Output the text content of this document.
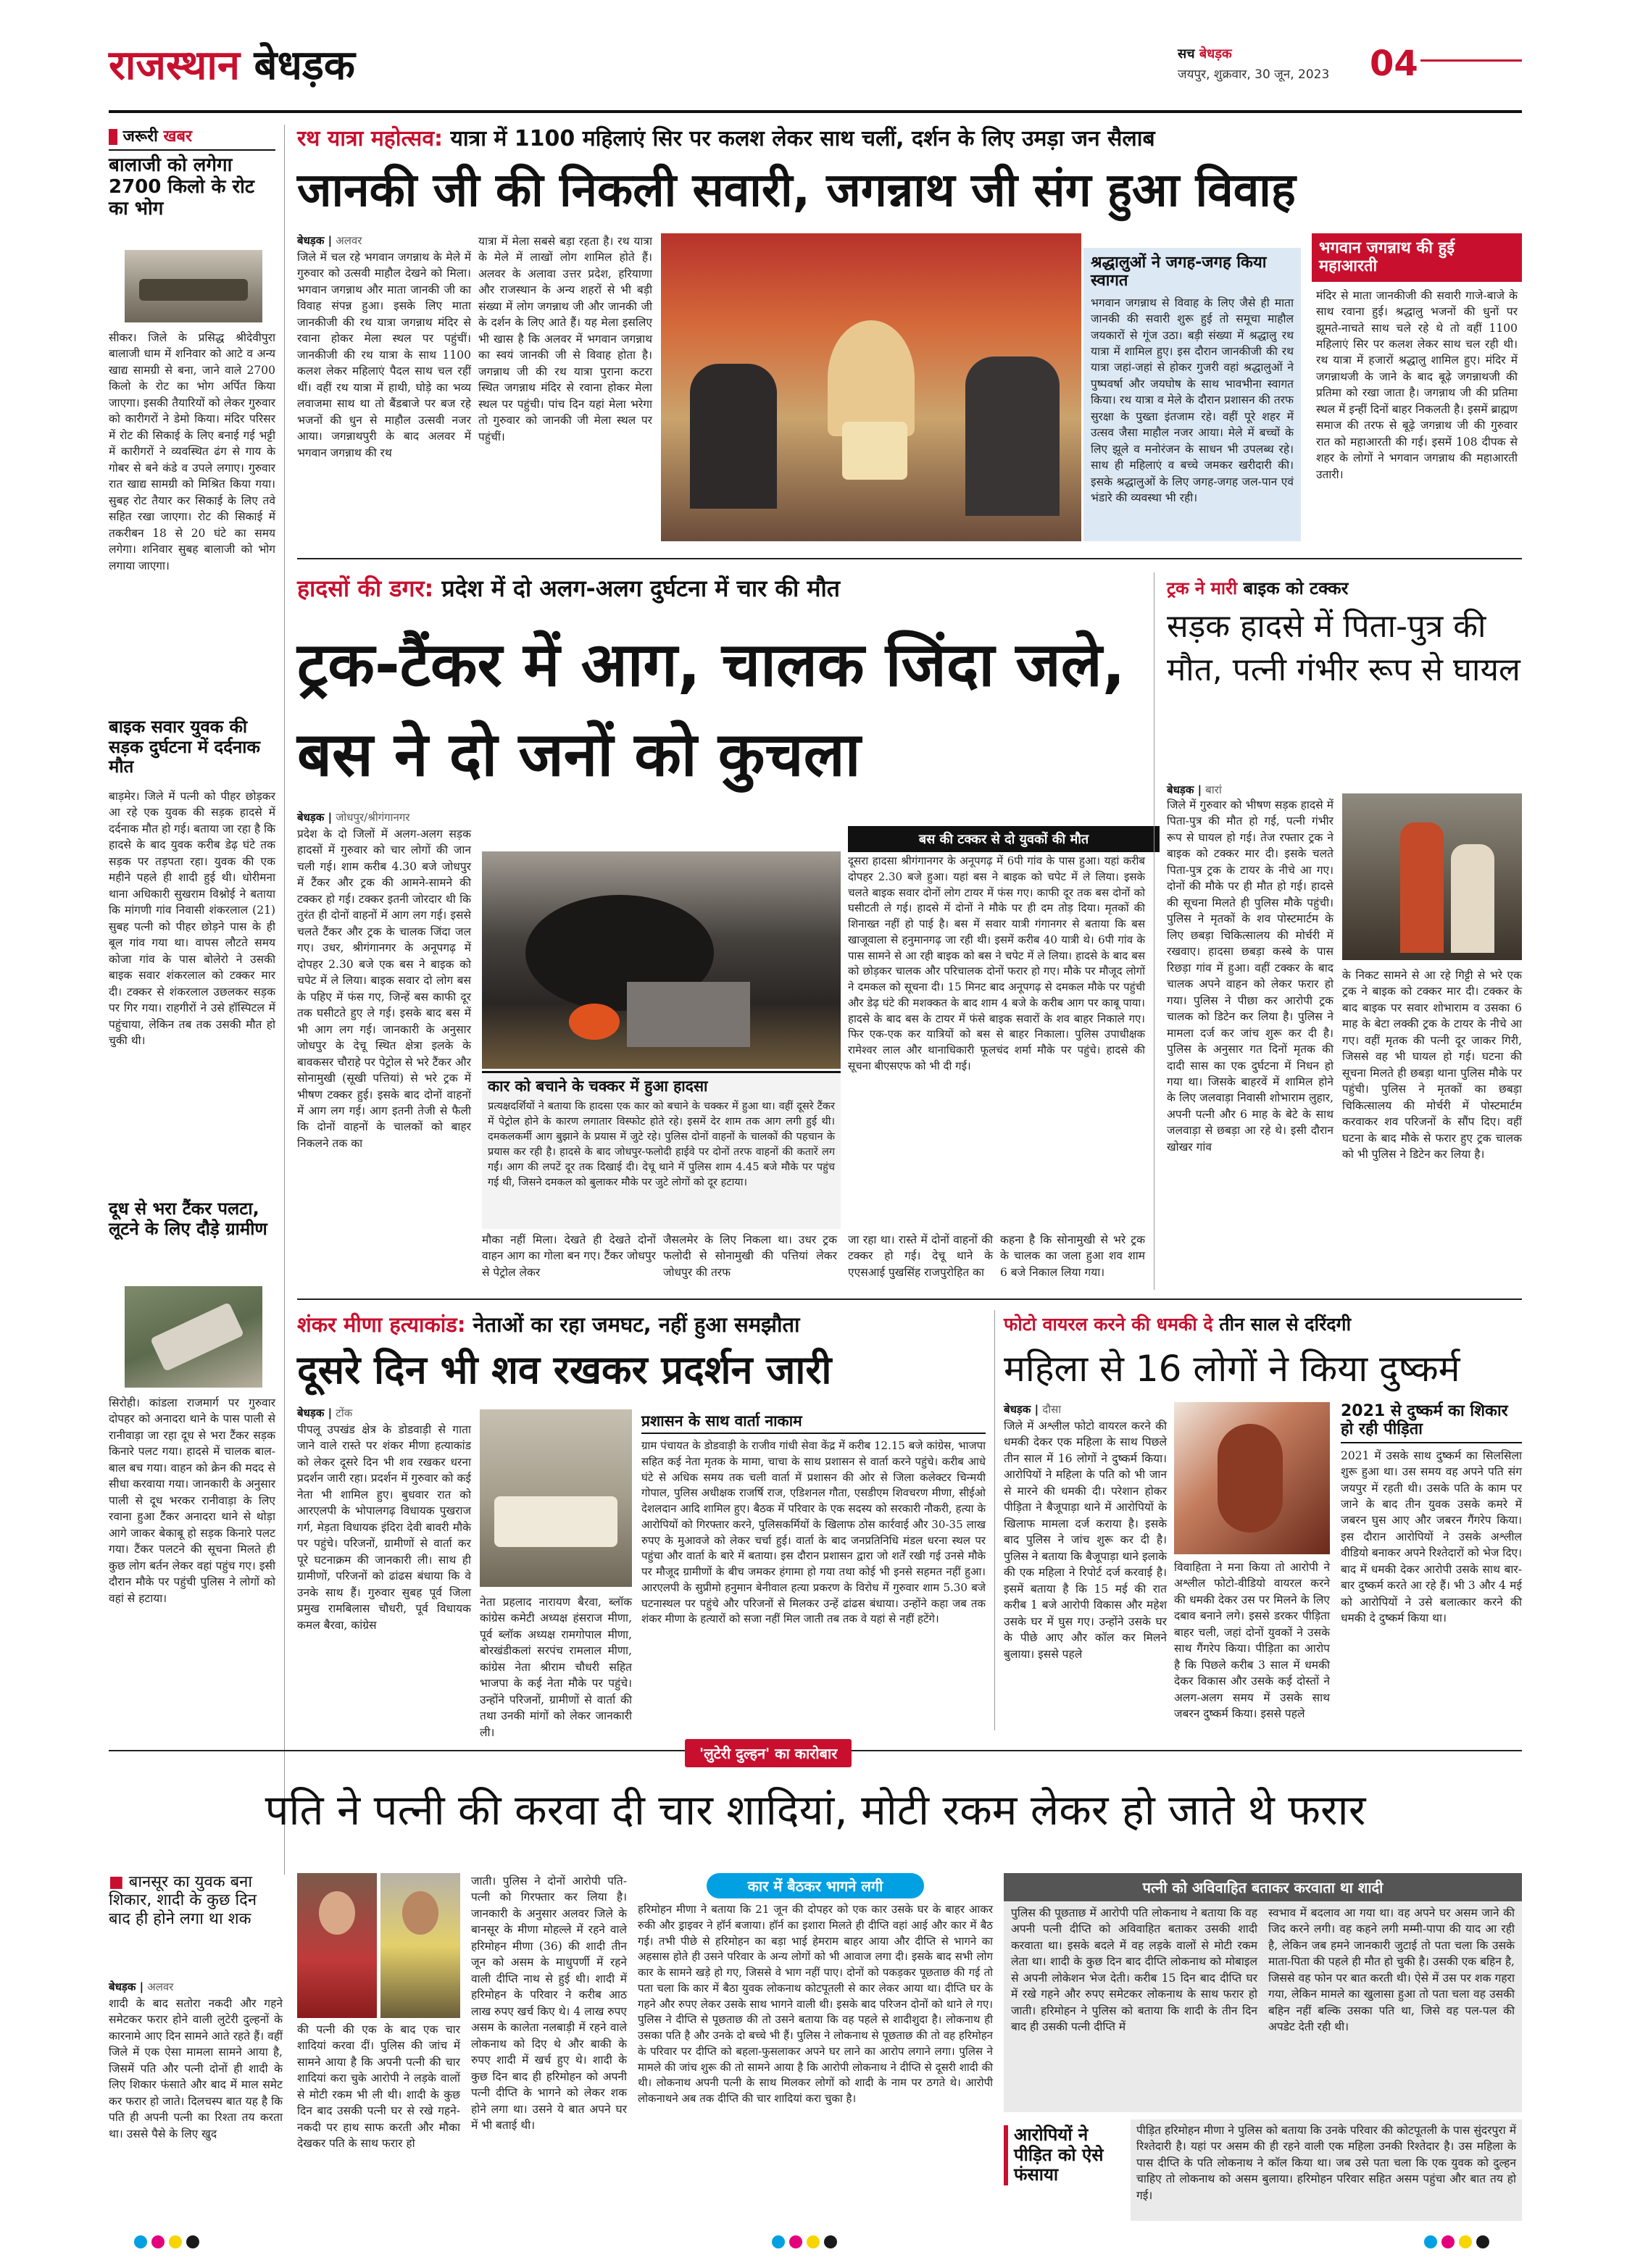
राजस्थान बेधड़क	सच बेधड़क
जयपुर, शुक्रवार, 30 जून, 2023 04
जरूरी खबर
बालाजी को लगेगा 2700 किलो के रोट का भोग
सीकर। जिले के प्रसिद्ध श्रीदेवीपुरा बालाजी धाम में शनिवार को आटे व अन्य खाद्य सामग्री से बना, जाने वाले 2700 किलो के रोट का भोग अर्पित किया जाएगा। इसकी तैयारियों को लेकर गुरुवार को कारीगरों ने डेमो किया। मंदिर परिसर में रोट की सिकाई के लिए बनाई गई भट्टी में कारीगरों ने व्यवस्थित ढंग से गाय के गोबर से बने कंडे व उपले लगाए। गुरुवार रात खाद्य सामग्री को मिश्रित किया गया। सुबह रोट तैयार कर सिकाई के लिए तवे सहित रखा जाएगा। रोट की सिकाई में तकरीबन 18 से 20 घंटे का समय लगेगा। शनिवार सुबह बालाजी को भोग लगाया जाएगा।
बाइक सवार युवक की सड़क दुर्घटना में दर्दनाक मौत
बाड़मेर। जिले में पत्नी को पीहर छोड़कर आ रहे एक युवक की सड़क हादसे में दर्दनाक मौत हो गई। बताया जा रहा है कि हादसे के बाद युवक करीब डेढ़ घंटे तक सड़क पर तड़पता रहा। युवक की एक महीने पहले ही शादी हुई थी। धोरीमना थाना अधिकारी सुखराम विश्नोई ने बताया कि मांगणी गांव निवासी शंकरलाल (21) सुबह पत्नी को पीहर छोड़ने पास के ही बूल गांव गया था। वापस लौटते समय कोजा गांव के पास बोलेरो ने उसकी बाइक सवार शंकरलाल को टक्कर मार दी। टक्कर से शंकरलाल उछलकर सड़क पर गिर गया। राहगीरों ने उसे हॉस्पिटल में पहुंचाया, लेकिन तब तक उसकी मौत हो चुकी थी।
दूध से भरा टैंकर पलटा, लूटने के लिए दौड़े ग्रामीण
सिरोही। कांडला राजमार्ग पर गुरुवार दोपहर को अनादरा थाने के पास पाली से रानीवाड़ा जा रहा दूध से भरा टैंकर सड़क किनारे पलट गया। हादसे में चालक बाल-बाल बच गया। वाहन को क्रेन की मदद से सीधा करवाया गया। जानकारी के अनुसार पाली से दूध भरकर रानीवाड़ा के लिए रवाना हुआ टैंकर अनादरा थाने से थोड़ा आगे जाकर बेकाबू हो सड़क किनारे पलट गया। टैंकर पलटने की सूचना मिलते ही कुछ लोग बर्तन लेकर वहां पहुंच गए। इसी दौरान मौके पर पहुंची पुलिस ने लोगों को वहां से हटाया।
रथ यात्रा महोत्सव: यात्रा में 1100 महिलाएं सिर पर कलश लेकर साथ चलीं, दर्शन के लिए उमड़ा जन सैलाब
जानकी जी की निकली सवारी, जगन्नाथ जी संग हुआ विवाह
बेधड़क | अलवर
जिले में चल रहे भगवान जगन्नाथ के मेले में गुरुवार को उत्सवी माहौल देखने को मिला। भगवान जगन्नाथ और माता जानकी जी का विवाह संपन्न हुआ। इसके लिए माता जानकीजी की रथ यात्रा जगन्नाथ मंदिर से रवाना होकर मेला स्थल पर पहुंचीं। जानकीजी की रथ यात्रा के साथ 1100 कलश लेकर महिलाएं पैदल साथ चल रहीं थीं। वहीं रथ यात्रा में हाथी, घोड़े का भव्य लवाजमा साथ था तो बैंडबाजे पर बज रहे भजनों की धुन से माहौल उत्सवी नजर आया। जगन्नाथपुरी के बाद अलवर में भगवान जगन्नाथ की रथ
यात्रा में मेला सबसे बड़ा रहता है। रथ यात्रा के मेले में लाखों लोग शामिल होते हैं। अलवर के अलावा उत्तर प्रदेश, हरियाणा और राजस्थान के अन्य शहरों से भी बड़ी संख्या में लोग जगन्नाथ जी और जानकी जी के दर्शन के लिए आते हैं। यह मेला इसलिए भी खास है कि अलवर में भगवान जगन्नाथ का स्वयं जानकी जी से विवाह होता है। जगन्नाथ जी की रथ यात्रा पुराना कटरा स्थित जगन्नाथ मंदिर से रवाना होकर मेला स्थल पर पहुंची। पांच दिन यहां मेला भरेगा तो गुरुवार को जानकी जी मेला स्थल पर पहुंचीं।
श्रद्धालुओं ने जगह-जगह किया स्वागत
भगवान जगन्नाथ से विवाह के लिए जैसे ही माता जानकी की सवारी शुरू हुई तो समूचा माहौल जयकारों से गूंज उठा। बड़ी संख्या में श्रद्धालु रथ यात्रा में शामिल हुए। इस दौरान जानकीजी की रथ यात्रा जहां-जहां से होकर गुजरी वहां श्रद्धालुओं ने पुष्पवर्षा और जयघोष के साथ भावभीना स्वागत किया। रथ यात्रा व मेले के दौरान प्रशासन की तरफ सुरक्षा के पुख्ता इंतजाम रहे। वहीं पूरे शहर में उत्सव जैसा माहौल नजर आया। मेले में बच्चों के लिए झूले व मनोरंजन के साधन भी उपलब्ध रहे। साथ ही महिलाएं व बच्चे जमकर खरीदारी की। इसके श्रद्धालुओं के लिए जगह-जगह जल-पान एवं भंडारे की व्यवस्था भी रही।
भगवान जगन्नाथ की हुई महाआरती
मंदिर से माता जानकीजी की सवारी गाजे-बाजे के साथ रवाना हुई। श्रद्धालु भजनों की धुनों पर झूमते-नाचते साथ चले रहे थे तो वहीं 1100 महिलाएं सिर पर कलश लेकर साथ चल रही थी। रथ यात्रा में हजारों श्रद्धालु शामिल हुए। मंदिर में जगन्नाथजी के जाने के बाद बूढ़े जगन्नाथजी की प्रतिमा को रखा जाता है। जगन्नाथ जी की प्रतिमा स्थल में इन्हीं दिनों बाहर निकलती है। इसमें ब्राह्मण समाज की तरफ से बूढ़े जगन्नाथ जी की गुरुवार रात को महाआरती की गई। इसमें 108 दीपक से शहर के लोगों ने भगवान जगन्नाथ की महाआरती उतारी।
हादसों की डगर: प्रदेश में दो अलग-अलग दुर्घटना में चार की मौत
ट्रक-टैंकर में आग, चालक जिंदा जले, बस ने दो जनों को कुचला
बस की टक्कर से दो युवकों की मौत
बेधड़क | जोधपुर/श्रीगंगानगर
प्रदेश के दो जिलों में अलग-अलग सड़क हादसों में गुरुवार को चार लोगों की जान चली गई। शाम करीब 4.30 बजे जोधपुर में टैंकर और ट्रक की आमने-सामने की टक्कर हो गई। टक्कर इतनी जोरदार थी कि तुरंत ही दोनों वाहनों में आग लग गई। इससे चलते टैंकर और ट्रक के चालक जिंदा जल गए। उधर, श्रीगंगानगर के अनूपगढ़ में दोपहर 2.30 बजे एक बस ने बाइक को चपेट में ले लिया। बाइक सवार दो लोग बस के पहिए में फंस गए, जिन्हें बस काफी दूर तक घसीटते हुए ले गई। इसके बाद बस में भी आग लग गई। जानकारी के अनुसार जोधपुर के देचू स्थित क्षेत्रा इलके के बावकसर चौराहे पर पेट्रोल से भरे टैंकर और सोनामुखी (सूखी पत्तियां) से भरे ट्रक में भीषण टक्कर हुई। इसके बाद दोनों वाहनों में आग लग गई। आग इतनी तेजी से फैली कि दोनों वाहनों के चालकों को बाहर निकलने तक का
कार को बचाने के चक्कर में हुआ हादसा
प्रत्यक्षदर्शियों ने बताया कि हादसा एक कार को बचाने के चक्कर में हुआ था। वहीं दूसरे टैंकर में पेट्रोल होने के कारण लगातार विस्फोट होते रहे। इसमें देर शाम तक आग लगी हुई थी। दमकलकर्मी आग बुझाने के प्रयास में जुटे रहे। पुलिस दोनों वाहनों के चालकों की पहचान के प्रयास कर रही है। हादसे के बाद जोधपुर-फलोदी हाईवे पर दोनों तरफ वाहनों की कतारें लग गईं। आग की लपटें दूर तक दिखाई दी। देचू थाने में पुलिस शाम 4.45 बजे मौके पर पहुंच गई थी, जिसने दमकल को बुलाकर मौके पर जुटे लोगों को दूर हटाया।
दूसरा हादसा श्रीगंगानगर के अनूपगढ़ में 6पी गांव के पास हुआ। यहां करीब दोपहर 2.30 बजे हुआ। यहां बस ने बाइक को चपेट में ले लिया। इसके चलते बाइक सवार दोनों लोग टायर में फंस गए। काफी दूर तक बस दोनों को घसीटती ले गई। हादसे में दोनों ने मौके पर ही दम तोड़ दिया। मृतकों की शिनाख्त नहीं हो पाई है। बस में सवार यात्री गंगानगर से बताया कि बस खाजूवाला से हनुमानगढ़ जा रही थी। इसमें करीब 40 यात्री थे। 6पी गांव के पास सामने से आ रही बाइक को बस ने चपेट में ले लिया। हादसे के बाद बस को छोड़कर चालक और परिचालक दोनों फरार हो गए। मौके पर मौजूद लोगों ने दमकल को सूचना दी। 15 मिनट बाद अनूपगढ़ से दमकल मौके पर पहुंची और डेढ़ घंटे की मशक्कत के बाद शाम 4 बजे के करीब आग पर काबू पाया। हादसे के बाद बस के टायर में फंसे बाइक सवारों के शव बाहर निकाले गए। फिर एक-एक कर यात्रियों को बस से बाहर निकाला। पुलिस उपाधीक्षक रामेश्वर लाल और थानाधिकारी फूलचंद शर्मा मौके पर पहुंचे। हादसे की सूचना बीएसएफ को भी दी गई।
मौका नहीं मिला। देखते ही देखते दोनों वाहन आग का गोला बन गए। टैंकर जोधपुर से पेट्रोल लेकर
जैसलमेर के लिए निकला था। उधर ट्रक फलोदी से सोनामुखी की पत्तियां लेकर जोधपुर की तरफ
जा रहा था। रास्ते में दोनों वाहनों की टक्कर हो गई। देचू थाने के एएसआई पुखसिंह राजपुरोहित का
कहना है कि सोनामुखी से भरे ट्रक के चालक का जला हुआ शव शाम 6 बजे निकाल लिया गया।
ट्रक ने मारी बाइक को टक्कर
सड़क हादसे में पिता-पुत्र की मौत, पत्नी गंभीर रूप से घायल
बेधड़क | बारां
जिले में गुरुवार को भीषण सड़क हादसे में पिता-पुत्र की मौत हो गई, पत्नी गंभीर रूप से घायल हो गई। तेज रफ्तार ट्रक ने बाइक को टक्कर मार दी। इसके चलते पिता-पुत्र ट्रक के टायर के नीचे आ गए। दोनों की मौके पर ही मौत हो गई। हादसे की सूचना मिलते ही पुलिस मौके पहुंची। पुलिस ने मृतकों के शव पोस्टमार्टम के लिए छबड़ा चिकित्सालय की मोर्चरी में रखवाए। हादसा छबड़ा कस्बे के पास रिछड़ा गांव में हुआ। वहीं टक्कर के बाद चालक अपने वाहन को लेकर फरार हो गया। पुलिस ने पीछा कर आरोपी ट्रक चालक को डिटेन कर लिया है। पुलिस ने मामला दर्ज कर जांच शुरू कर दी है। पुलिस के अनुसार गत दिनों मृतक की दादी सास का एक दुर्घटना में निधन हो गया था। जिसके बाहरवें में शामिल होने के लिए जलवाड़ा निवासी शोभाराम लुहार, अपनी पत्नी और 6 माह के बेटे के साथ जलवाड़ा से छबड़ा आ रहे थे। इसी दौरान खोखर गांव
के निकट सामने से आ रहे गिट्टी से भरे एक ट्रक ने बाइक को टक्कर मार दी। टक्कर के बाद बाइक पर सवार शोभाराम व उसका 6 माह के बेटा लक्की ट्रक के टायर के नीचे आ गए। वहीं मृतक की पत्नी दूर जाकर गिरी, जिससे वह भी घायल हो गई। घटना की सूचना मिलते ही छबड़ा थाना पुलिस मौके पर पहुंची। पुलिस ने मृतकों का छबड़ा चिकित्सालय की मोर्चरी में पोस्टमार्टम करवाकर शव परिजनों के सौंप दिए। वहीं घटना के बाद मौके से फरार हुए ट्रक चालक को भी पुलिस ने डिटेन कर लिया है।
शंकर मीणा हत्याकांड: नेताओं का रहा जमघट, नहीं हुआ समझौता
दूसरे दिन भी शव रखकर प्रदर्शन जारी
बेधड़क | टोंक
पीपलू उपखंड क्षेत्र के डोडवाड़ी से गाता जाने वाले रास्ते पर शंकर मीणा हत्याकांड को लेकर दूसरे दिन भी शव रखकर धरना प्रदर्शन जारी रहा। प्रदर्शन में गुरुवार को कई नेता भी शामिल हुए। बुधवार रात को आरएलपी के भोपालगढ़ विधायक पुखराज गर्ग, मेड़ता विधायक इंदिरा देवी बावरी मौके पर पहुंचे। परिजनों, ग्रामीणों से वार्ता कर पूरे घटनाक्रम की जानकारी ली। साथ ही ग्रामीणों, परिजनों को ढांढस बंधाया कि वे उनके साथ हैं। गुरुवार सुबह पूर्व जिला प्रमुख रामबिलास चौधरी, पूर्व विधायक कमल बैरवा, कांग्रेस
नेता प्रहलाद नारायण बैरवा, ब्लॉक कांग्रेस कमेटी अध्यक्ष हंसराज मीणा, पूर्व ब्लॉक अध्यक्ष रामगोपाल मीणा, बोरखंडीकलां सरपंच रामलाल मीणा, कांग्रेस नेता श्रीराम चौधरी सहित भाजपा के कई नेता मौके पर पहुंचे। उन्होंने परिजनों, ग्रामीणों से वार्ता की तथा उनकी मांगों को लेकर जानकारी ली।
प्रशासन के साथ वार्ता नाकाम
ग्राम पंचायत के डोडवाड़ी के राजीव गांधी सेवा केंद्र में करीब 12.15 बजे कांग्रेस, भाजपा सहित कई नेता मृतक के मामा, चाचा के साथ प्रशासन से वार्ता करने पहुंचे। करीब आधे घंटे से अधिक समय तक चली वार्ता में प्रशासन की ओर से जिला कलेक्टर चिन्मयी गोपाल, पुलिस अधीक्षक राजर्षि राज, एडिशनल गौता, एसडीएम शिवचरण मीणा, सीईओ देशलदान आदि शामिल हुए। बैठक में परिवार के एक सदस्य को सरकारी नौकरी, हत्या के आरोपियों को गिरफ्तार करने, पुलिसकर्मियों के खिलाफ ठोस कार्रवाई और 30-35 लाख रुपए के मुआवजे को लेकर चर्चा हुई। वार्ता के बाद जनप्रतिनिधि मंडल धरना स्थल पर पहुंचा और वार्ता के बारे में बताया। इस दौरान प्रशासन द्वारा जो शर्तें रखी गई उनसे मौके पर मौजूद ग्रामीणों के बीच जमकर हंगामा हो गया तथा कोई भी इनसे सहमत नहीं हुआ। आरएलपी के सुप्रीमो हनुमान बेनीवाल हत्या प्रकरण के विरोध में गुरुवार शाम 5.30 बजे घटनास्थल पर पहुंचे और परिजनों से मिलकर उन्हें ढांढस बंधाया। उन्होंने कहा जब तक शंकर मीणा के हत्यारों को सजा नहीं मिल जाती तब तक वे यहां से नहीं हटेंगे।
फोटो वायरल करने की धमकी दे तीन साल से दरिंदगी
महिला से 16 लोगों ने किया दुष्कर्म
बेधड़क | दौसा
जिले में अश्लील फोटो वायरल करने की धमकी देकर एक महिला के साथ पिछले तीन साल में 16 लोगों ने दुष्कर्म किया। आरोपियों ने महिला के पति को भी जान से मारने की धमकी दी। परेशान होकर पीड़िता ने बैजूपाड़ा थाने में आरोपियों के खिलाफ मामला दर्ज कराया है। इसके बाद पुलिस ने जांच शुरू कर दी है। पुलिस ने बताया कि बैजूपाड़ा थाने इलाके की एक महिला ने रिपोर्ट दर्ज करवाई है। इसमें बताया है कि 15 मई की रात करीब 1 बजे आरोपी विकास और महेश उसके घर में घुस गए। उन्होंने उसके घर के पीछे आए और कॉल कर मिलने बुलाया। इससे पहले
विवाहिता ने मना किया तो आरोपी ने अश्लील फोटो-वीडियो वायरल करने की धमकी देकर उस पर मिलने के लिए दबाव बनाने लगे। इससे डरकर पीड़िता बाहर चली, जहां दोनों युवकों ने उसके साथ गैंगरेप किया। पीड़िता का आरोप है कि पिछले करीब 3 साल में धमकी देकर विकास और उसके कई दोस्तों ने अलग-अलग समय में उसके साथ जबरन दुष्कर्म किया। इससे पहले
2021 से दुष्कर्म का शिकार हो रही पीड़िता
2021 में उसके साथ दुष्कर्म का सिलसिला शुरू हुआ था। उस समय वह अपने पति संग जयपुर में रहती थी। उसके पति के काम पर जाने के बाद तीन युवक उसके कमरे में जबरन घुस आए और जबरन गैंगरेप किया। इस दौरान आरोपियों ने उसके अश्लील वीडियो बनाकर अपने रिश्तेदारों को भेज दिए। बाद में धमकी देकर आरोपी उसके साथ बार-बार दुष्कर्म करते आ रहे हैं। भी 3 और 4 मई को आरोपियों ने उसे बलात्कार करने की धमकी दे दुष्कर्म किया था।
'लुटेरी दुल्हन' का कारोबार
पति ने पत्नी की करवा दी चार शादियां, मोटी रकम लेकर हो जाते थे फरार
■ बानसूर का युवक बना शिकार, शादी के कुछ दिन बाद ही होने लगा था शक
बेधड़क | अलवर
शादी के बाद सतोरा नकदी और गहने समेटकर फरार होने वाली लुटेरी दुल्हनों के कारनामे आए दिन सामने आते रहते हैं। वहीं जिले में एक ऐसा मामला सामने आया है, जिसमें पति और पत्नी दोनों ही शादी के लिए शिकार फंसाते और बाद में माल समेट कर फरार हो जाते। दिलचस्प बात यह है कि पति ही अपनी पत्नी का रिश्ता तय करता था। उससे पैसे के लिए खुद
की पत्नी की एक के बाद एक चार शादियां करवा दीं। पुलिस की जांच में सामने आया है कि अपनी पत्नी की चार शादियां करा चुके आरोपी ने लड़के वालों से मोटी रकम भी ली थी। शादी के कुछ दिन बाद उसकी पत्नी घर से रखे गहने-नकदी पर हाथ साफ करती और मौका देखकर पति के साथ फरार हो
जाती। पुलिस ने दोनों आरोपी पति-पत्नी को गिरफ्तार कर लिया है। जानकारी के अनुसार अलवर जिले के बानसूर के मीणा मोहल्ले में रहने वाले हरिमोहन मीणा (36) की शादी तीन जून को असम के माधुपर्णी में रहने वाली दीप्ति नाथ से हुई थी। शादी में हरिमोहन के परिवार ने करीब आठ लाख रुपए खर्च किए थे। 4 लाख रुपए असम के कालेता नलबाड़ी में रहने वाले लोकनाथ को दिए थे और बाकी के रुपए शादी में खर्च हुए थे। शादी के कुछ दिन बाद ही हरिमोहन को अपनी पत्नी दीप्ति के भागने को लेकर शक होने लगा था। उसने ये बात अपने घर में भी बताई थी।
कार में बैठकर भागने लगी
हरिमोहन मीणा ने बताया कि 21 जून की दोपहर को एक कार उसके घर के बाहर आकर रुकी और ड्राइवर ने हॉर्न बजाया। हॉर्न का इशारा मिलते ही दीप्ति वहां आई और कार में बैठ गई। तभी पीछे से हरिमोहन का बड़ा भाई हेमराम बाहर आया और दीप्ति से भागने का अहसास होते ही उसने परिवार के अन्य लोगों को भी आवाज लगा दी। इसके बाद सभी लोग कार के सामने खड़े हो गए, जिससे वे भाग नहीं पाए। दोनों को पकड़कर पूछताछ की गई तो पता चला कि कार में बैठा युवक लोकनाथ कोटपूतली से कार लेकर आया था। दीप्ति घर के गहने और रुपए लेकर उसके साथ भागने वाली थी। इसके बाद परिजन दोनों को थाने ले गए। पुलिस ने दीप्ति से पूछताछ की तो उसने बताया कि वह पहले से शादीशुदा है। लोकनाथ ही उसका पति है और उनके दो बच्चे भी हैं। पुलिस ने लोकनाथ से पूछताछ की तो वह हरिमोहन के परिवार पर दीप्ति को बहला-फुसलाकर अपने घर लाने का आरोप लगाने लगा। पुलिस ने मामले की जांच शुरू की तो सामने आया है कि आरोपी लोकनाथ ने दीप्ति से दूसरी शादी की थी। लोकनाथ अपनी पत्नी के साथ मिलकर लोगों को शादी के नाम पर ठगते थे। आरोपी लोकनाथने अब तक दीप्ति की चार शादियां करा चुका है।
पत्नी को अविवाहित बताकर करवाता था शादी
पुलिस की पूछताछ में आरोपी पति लोकनाथ ने बताया कि वह अपनी पत्नी दीप्ति को अविवाहित बताकर उसकी शादी करवाता था। इसके बदले में वह लड़के वालों से मोटी रकम लेता था। शादी के कुछ दिन बाद दीप्ति लोकनाथ को मोबाइल से अपनी लोकेशन भेज देती। करीब 15 दिन बाद दीप्ति घर में रखे गहने और रुपए समेटकर लोकनाथ के साथ फरार हो जाती। हरिमोहन ने पुलिस को बताया कि शादी के तीन दिन बाद ही उसकी पत्नी दीप्ति में
स्वभाव में बदलाव आ गया था। वह अपने घर असम जाने की जिद करने लगी। वह कहने लगी मम्मी-पापा की याद आ रही है, लेकिन जब हमने जानकारी जुटाई तो पता चला कि उसके माता-पिता की पहले ही मौत हो चुकी है। उसकी एक बहिन है, जिससे वह फोन पर बात करती थी। ऐसे में उस पर शक गहरा गया, लेकिन मामले का खुलासा हुआ तो पता चला वह उसकी बहिन नहीं बल्कि उसका पति था, जिसे वह पल-पल की अपडेट देती रही थी।
आरोपियों ने पीड़ित को ऐसे फंसाया
पीड़ित हरिमोहन मीणा ने पुलिस को बताया कि उनके परिवार की कोटपूतली के पास सुंदरपुरा में रिश्तेदारी है। यहां पर असम की ही रहने वाली एक महिला उनकी रिश्तेदार है। उस महिला के पास दीप्ति के पति लोकनाथ ने कॉल किया था। जब उसे पता चला कि एक युवक को दुल्हन चाहिए तो लोकनाथ को असम बुलाया। हरिमोहन परिवार सहित असम पहुंचा और बात तय हो गई।
